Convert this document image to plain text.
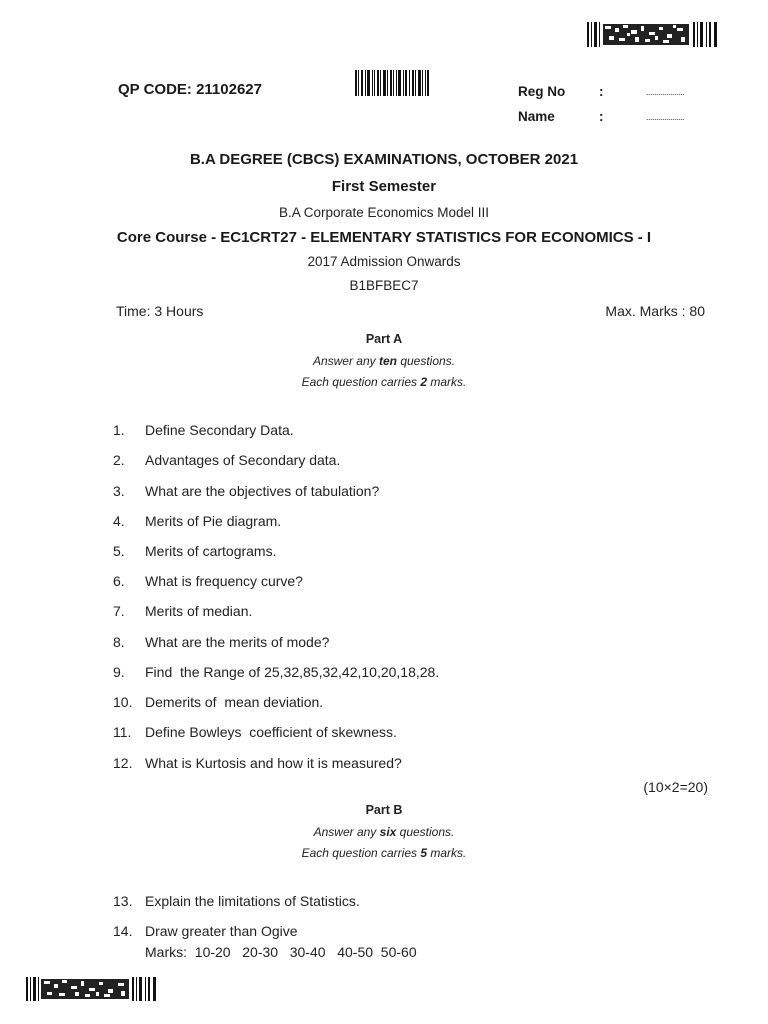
QP CODE: 21102627	Reg No	:	...................
Name	:	...................
B.A DEGREE (CBCS) EXAMINATIONS, OCTOBER 2021
First Semester
B.A Corporate Economics Model III
Core Course - EC1CRT27 - ELEMENTARY STATISTICS FOR ECONOMICS - I
2017 Admission Onwards
B1BFBEC7
Time: 3 Hours	Max. Marks : 80
Part A
Answer any ten questions.
Each question carries 2 marks.
1. Define Secondary Data.
2. Advantages of Secondary data.
3. What are the objectives of tabulation?
4. Merits of Pie diagram.
5. Merits of cartograms.
6. What is frequency curve?
7. Merits of median.
8. What are the merits of mode?
9. Find  the Range of 25,32,85,32,42,10,20,18,28.
10. Demerits of  mean deviation.
11. Define Bowleys  coefficient of skewness.
12. What is Kurtosis and how it is measured?
(10×2=20)
Part B
Answer any six questions.
Each question carries 5 marks.
13. Explain the limitations of Statistics.
14. Draw greater than Ogive
Marks:  10-20   20-30   30-40   40-50  50-60
